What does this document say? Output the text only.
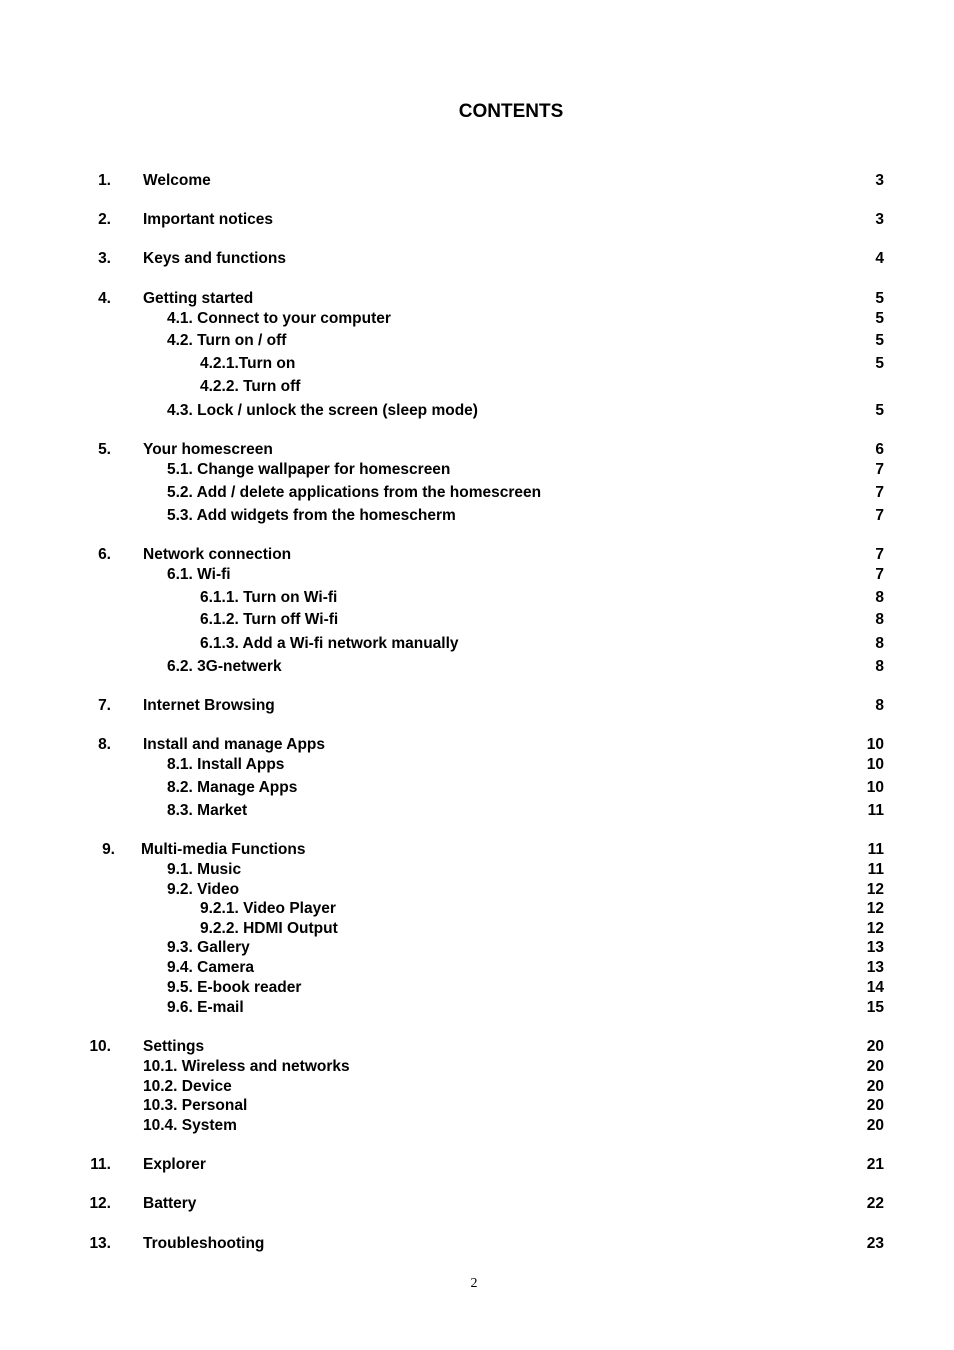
CONTENTS
1. Welcome	3
2. Important notices	3
3. Keys and functions	4
4. Getting started	5
4.1. Connect to your computer	5
4.2. Turn on / off	5
4.2.1.Turn on	5
4.2.2. Turn off
4.3. Lock / unlock the screen (sleep mode)	5
5. Your homescreen	6
5.1. Change wallpaper for homescreen	7
5.2. Add / delete applications from the homescreen	7
5.3. Add widgets from the homescherm	7
6. Network connection	7
6.1. Wi-fi	7
6.1.1. Turn on Wi-fi	8
6.1.2. Turn off Wi-fi	8
6.1.3. Add a Wi-fi network manually	8
6.2. 3G-netwerk	8
7. Internet Browsing	8
8. Install and manage Apps	10
8.1. Install Apps	10
8.2. Manage Apps	10
8.3. Market	11
9. Multi-media Functions	11
9.1. Music	11
9.2. Video	12
9.2.1. Video Player	12
9.2.2. HDMI Output	12
9.3. Gallery	13
9.4. Camera	13
9.5. E-book reader	14
9.6. E-mail	15
10. Settings	20
10.1. Wireless and networks	20
10.2. Device	20
10.3. Personal	20
10.4. System	20
11. Explorer	21
12. Battery	22
13. Troubleshooting	23
2
